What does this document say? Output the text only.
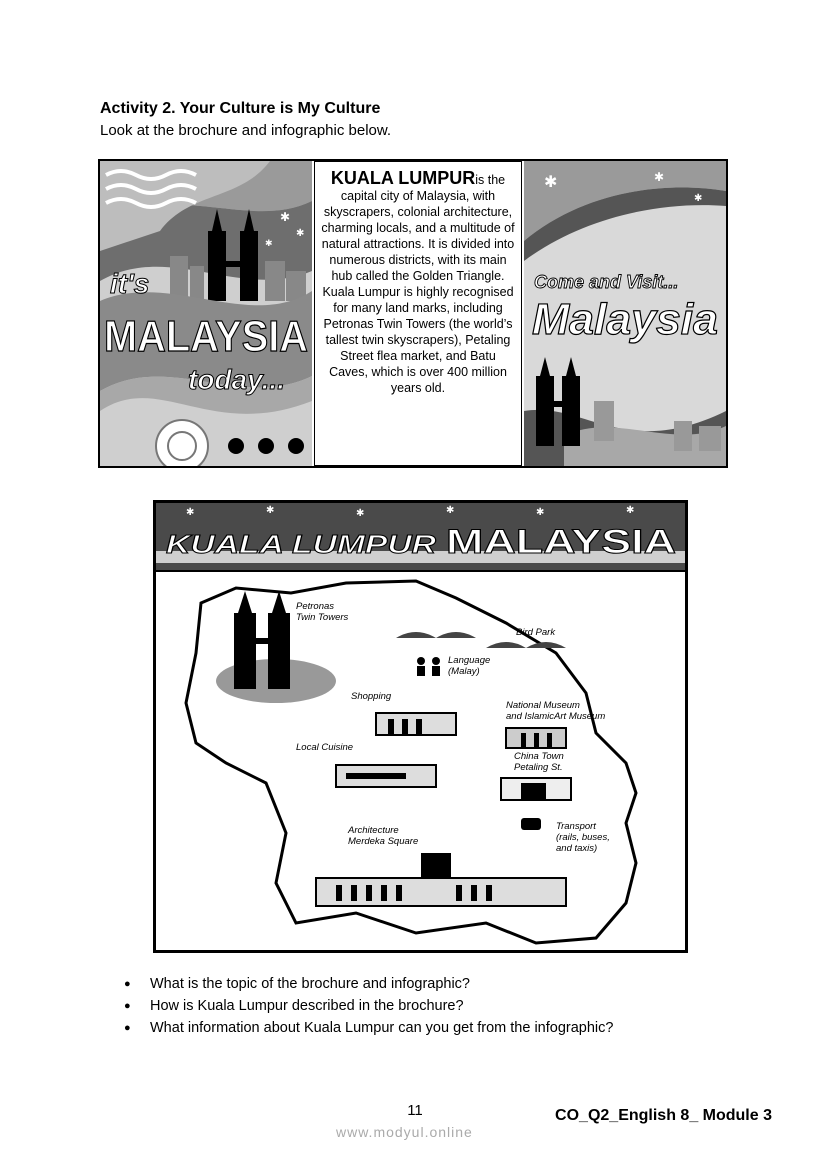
Activity 2. Your Culture is My Culture
Look at the brochure and infographic below.
✱
✱
✱
it's
MALAYSIA
today...
KUALA LUMPURis the capital city of Malaysia, with skyscrapers, colonial architecture, charming locals, and a multitude of natural attractions. It is divided into numerous districts, with its main hub called the Golden Triangle. Kuala Lumpur is highly recognised for many land marks, including Petronas Twin Towers (the world’s tallest twin skyscrapers), Petaling Street flea market, and Batu Caves, which is over 400 million years old.
✱	✱
✱
Come and Visit...
Malaysia
✱	✱	✱	✱	✱	✱
KUALA LUMPUR MALAYSIA
Petronas
Twin Towers
Bird Park
Language
(Malay)
Shopping
National Museum
and IslamicArt Museum
Local Cuisine
China Town
Petaling St.
Architecture
Merdeka Square
Transport
(rails, buses,
and taxis)
● What is the topic of the brochure and infographic?
● How is Kuala Lumpur described in the brochure?
● What information about Kuala Lumpur can you get from the infographic?
11	CO_Q2_English 8_ Module 3
www.modyul.online
